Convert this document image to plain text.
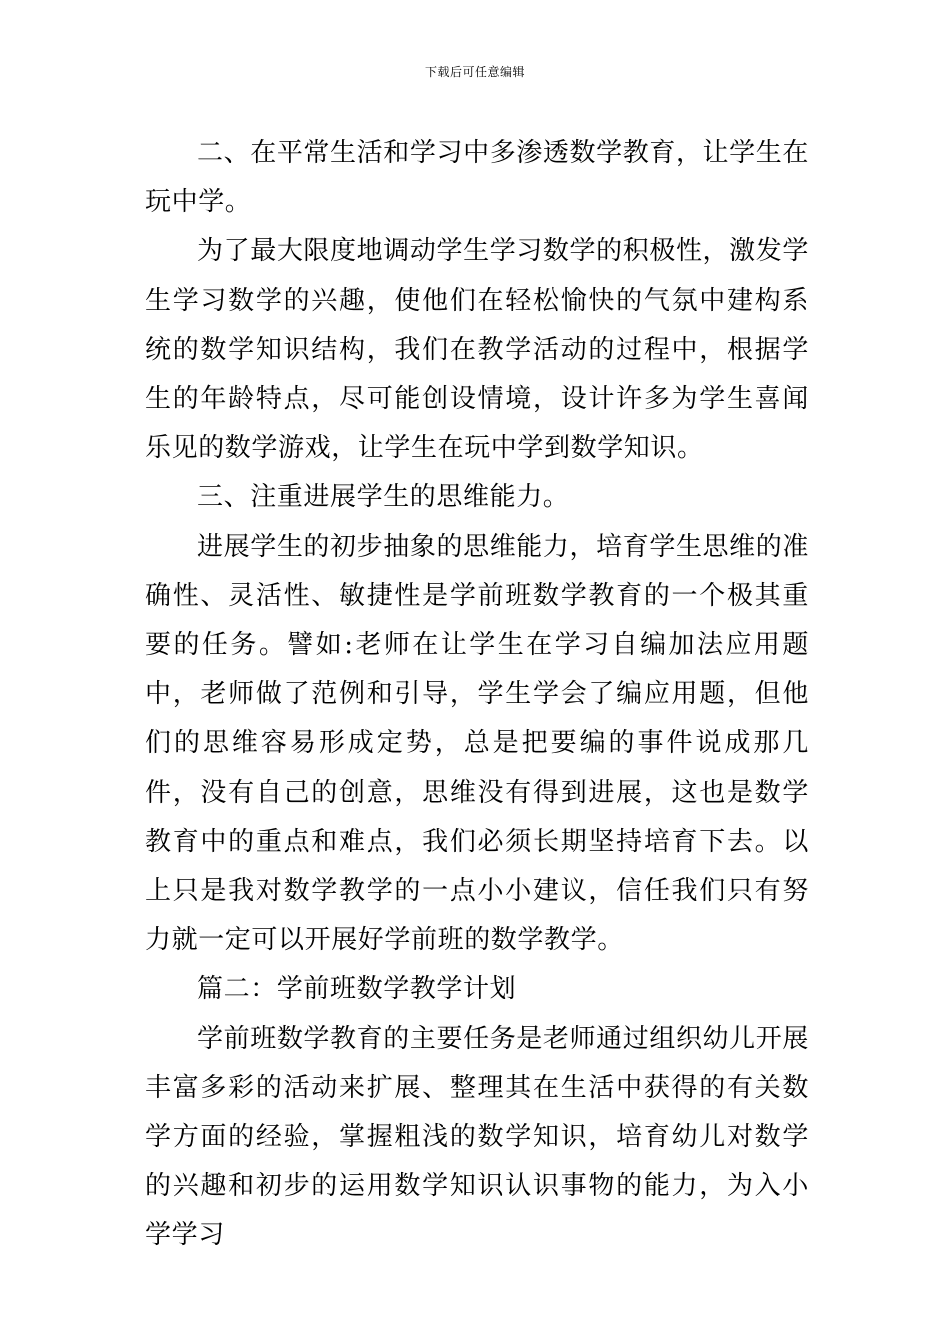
下载后可任意编辑

二、在平常生活和学习中多渗透数学教育，让学生在玩中学。

为了最大限度地调动学生学习数学的积极性，激发学生学习数学的兴趣，使他们在轻松愉快的气氛中建构系统的数学知识结构，我们在教学活动的过程中，根据学生的年龄特点，尽可能创设情境，设计许多为学生喜闻乐见的数学游戏，让学生在玩中学到数学知识。

三、注重进展学生的思维能力。

进展学生的初步抽象的思维能力，培育学生思维的准确性、灵活性、敏捷性是学前班数学教育的一个极其重要的任务。譬如:老师在让学生在学习自编加法应用题中，老师做了范例和引导，学生学会了编应用题，但他们的思维容易形成定势，总是把要编的事件说成那几件，没有自己的创意，思维没有得到进展，这也是数学教育中的重点和难点，我们必须长期坚持培育下去。以上只是我对数学教学的一点小小建议，信任我们只有努力就一定可以开展好学前班的数学教学。

篇二：学前班数学教学计划

学前班数学教育的主要任务是老师通过组织幼儿开展丰富多彩的活动来扩展、整理其在生活中获得的有关数学方面的经验，掌握粗浅的数学知识，培育幼儿对数学的兴趣和初步的运用数学知识认识事物的能力，为入小学学习
